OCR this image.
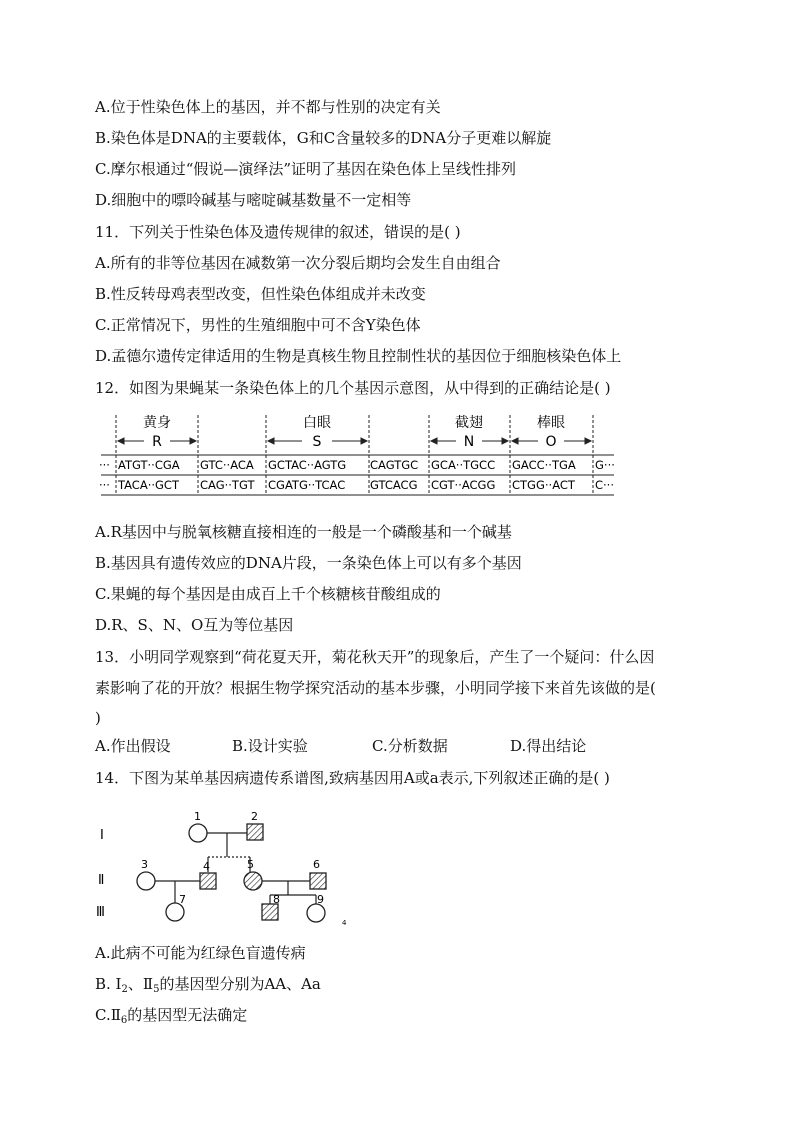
A.位于性染色体上的基因，并不都与性别的决定有关
B.染色体是DNA的主要载体，G和C含量较多的DNA分子更难以解旋
C.摩尔根通过“假说—演绎法”证明了基因在染色体上呈线性排列
D.细胞中的嘌呤碱基与嘧啶碱基数量不一定相等
11．下列关于性染色体及遗传规律的叙述，错误的是( )
A.所有的非等位基因在减数第一次分裂后期均会发生自由组合
B.性反转母鸡表型改变，但性染色体组成并未改变
C.正常情况下，男性的生殖细胞中可不含Y染色体
D.孟德尔遗传定律适用的生物是真核生物且控制性状的基因位于细胞核染色体上
12．如图为果蝇某一条染色体上的几个基因示意图，从中得到的正确结论是( )
黄身	白眼	截翅	棒眼
R	S	N	O
··· ATGT··CGA GTC··ACA GCTAC··AGTG CAGTGC GCA··TGCC GACC··TGA G···
··· TACA··GCT CAG··TGT CGATG··TCAC GTCACG CGT··ACGG CTGG··ACT C···
A.R基因中与脱氧核糖直接相连的一般是一个磷酸基和一个碱基
B.基因具有遗传效应的DNA片段，一条染色体上可以有多个基因
C.果蝇的每个基因是由成百上千个核糖核苷酸组成的
D.R、S、N、O互为等位基因
13．小明同学观察到“荷花夏天开，菊花秋天开”的现象后，产生了一个疑问：什么因
素影响了花的开放？根据生物学探究活动的基本步骤，小明同学接下来首先该做的是(
)
A.作出假设	B.设计实验	C.分析数据	D.得出结论
14．下图为某单基因病遗传系谱图,致病基因用A或a表示,下列叙述正确的是( )
Ⅰ
Ⅱ
Ⅲ
1	2
3	4	5	6
7	8	9
4
A.此病不可能为红绿色盲遗传病
B. $Ⅰ_2$、$Ⅱ_5$的基因型分别为AA、Aa
$C.Ⅱ_6$的基因型无法确定
